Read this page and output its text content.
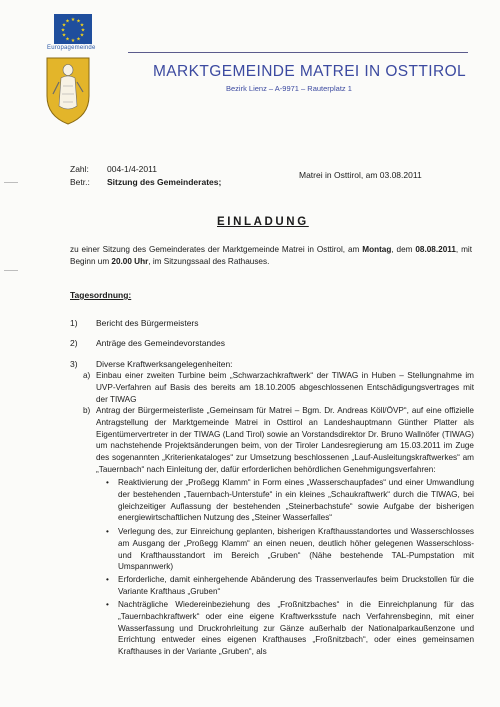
★ ★
★
★
★
★
★
★
★
★
★
★
Europagemeinde
MARKTGEMEINDE MATREI IN OSTTIROL
Bezirk Lienz – A-9971 – Rauterplatz 1
Zahl: 004-1/4-2011
Betr.: Sitzung des Gemeinderates;
Matrei in Osttirol, am 03.08.2011
EINLADUNG

zu einer Sitzung des Gemeinderates der Marktgemeinde Matrei in Osttirol, am Montag, dem 08.08.2011, mit Beginn um 20.00 Uhr, im Sitzungssaal des Rathauses.

Tagesordnung:
1) Bericht des Bürgermeisters
2) Anträge des Gemeindevorstandes
3) Diverse Kraftwerksangelegenheiten:
a) Einbau einer zweiten Turbine beim „Schwarzachkraftwerk“ der TIWAG in Huben – Stellungnahme im UVP-Verfahren auf Basis des bereits am 18.10.2005 abgeschlossenen Entschädigungsvertrages mit der TIWAG
b) Antrag der Bürgermeisterliste „Gemeinsam für Matrei – Bgm. Dr. Andreas Köll/ÖVP“, auf eine offizielle Antragstellung der Marktgemeinde Matrei in Osttirol an Landeshauptmann Günther Platter als Eigentümervertreter in der TIWAG (Land Tirol) sowie an Vorstandsdirektor Dr. Bruno Wallnöfer (TIWAG) um nachstehende Projektsänderungen beim, von der Tiroler Landesregierung am 15.03.2011 im Zuge des sogenannten „Kriterienkataloges“ zur Umsetzung beschlossenen „Lauf-Ausleitungskraftwerkes“ am „Tauernbach“ nach Einleitung der, dafür erforderlichen behördlichen Genehmigungsverfahren:
• Reaktivierung der „Proßegg Klamm“ in Form eines „Wasserschaupfades“ und einer Umwandlung der bestehenden „Tauernbach-Unterstufe“ in ein kleines „Schaukraftwerk“ durch die TIWAG, bei gleichzeitiger Auflassung der bestehenden „Steinerbachstufe“ sowie Aufgabe der bisherigen energiewirtschaftlichen Nutzung des „Steiner Wasserfalles“
• Verlegung des, zur Einreichung geplanten, bisherigen Krafthausstandortes und Wasserschlosses am Ausgang der „Proßegg Klamm“ an einen neuen, deutlich höher gelegenen Wasserschloss- und Krafthausstandort im Bereich „Gruben“ (Nähe bestehende TAL-Pumpstation mit Umspannwerk)
• Erforderliche, damit einhergehende Abänderung des Trassenverlaufes beim Druckstollen für die Variante Krafthaus „Gruben“
• Nachträgliche Wiedereinbeziehung des „Froßnitzbaches“ in die Einreichplanung für das „Tauernbachkraftwerk“ oder eine eigene Kraftwerksstufe nach Verfahrensbeginn, mit einer Wasserfassung und Druckrohrleitung zur Gänze außerhalb der Nationalparkaußenzone und Errichtung entweder eines eigenen Krafthauses „Froßnitzbach“, oder eines gemeinsamen Krafthauses in der Variante „Gruben“, als
